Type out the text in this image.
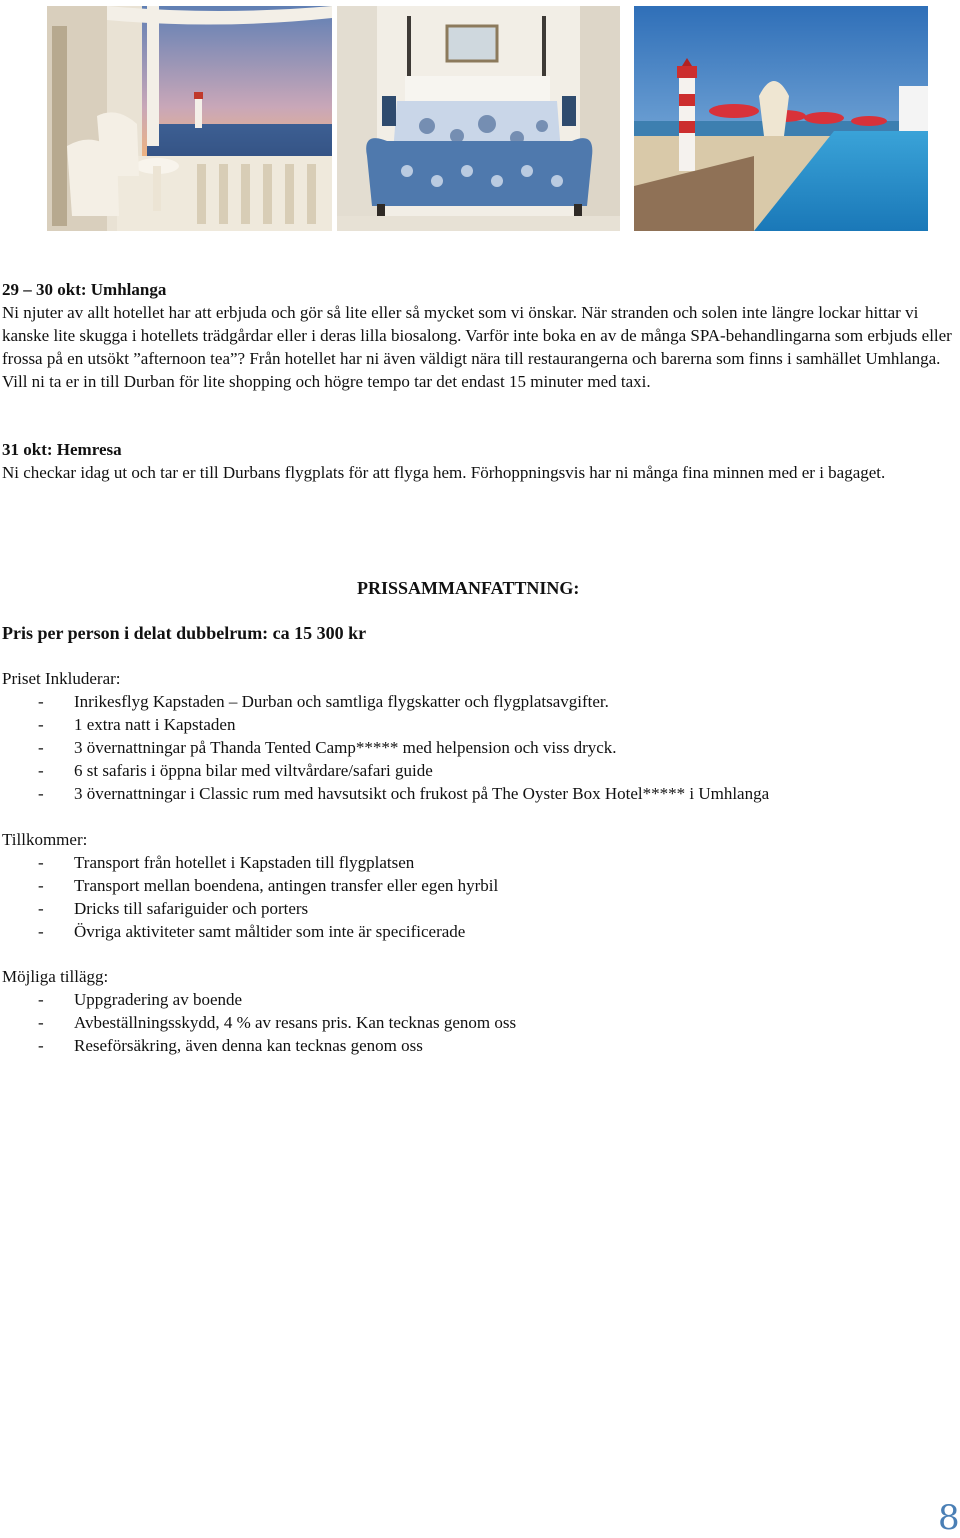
29 – 30 okt: Umhlanga

Ni njuter av allt hotellet har att erbjuda och gör så lite eller så mycket som vi önskar. När stranden och solen inte längre lockar hittar vi kanske lite skugga i hotellets trädgårdar eller i deras lilla biosalong. Varför inte boka en av de många SPA-behandlingarna som erbjuds eller frossa på en utsökt ”afternoon tea”? Från hotellet har ni även väldigt nära till restaurangerna och barerna som finns i samhället Umhlanga. Vill ni ta er in till Durban för lite shopping och högre tempo tar det endast 15 minuter med taxi.

31 okt: Hemresa

Ni checkar idag ut och tar er till Durbans flygplats för att flyga hem. Förhoppningsvis har ni många fina minnen med er i bagaget.

PRISSAMMANFATTNING:
Pris per person i delat dubbelrum: ca 15 300 kr
Priset Inkluderar:
- Inrikesflyg Kapstaden – Durban och samtliga flygskatter och flygplatsavgifter.
- 1 extra natt i Kapstaden
- 3 övernattningar på Thanda Tented Camp***** med helpension och viss dryck.
- 6 st safaris i öppna bilar med viltvårdare/safari guide
- 3 övernattningar i Classic rum med havsutsikt och frukost på The Oyster Box Hotel***** i Umhlanga
Tillkommer:
- Transport från hotellet i Kapstaden till flygplatsen
- Transport mellan boendena, antingen transfer eller egen hyrbil
- Dricks till safariguider och porters
- Övriga aktiviteter samt måltider som inte är specificerade
Möjliga tillägg:
- Uppgradering av boende
- Avbeställningsskydd, 4 % av resans pris. Kan tecknas genom oss
- Reseförsäkring, även denna kan tecknas genom oss
8
